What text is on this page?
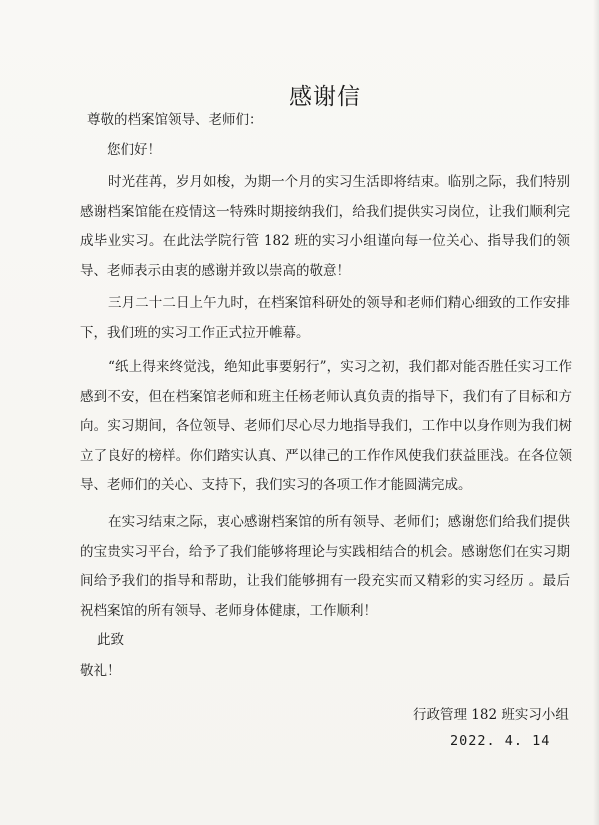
感谢信
尊敬的档案馆领导、老师们：
您们好！

时光荏苒，岁月如梭，为期一个月的实习生活即将结束。临别之际，我们特别感谢档案馆能在疫情这一特殊时期接纳我们，给我们提供实习岗位，让我们顺利完成毕业实习。在此法学院行管 182 班的实习小组谨向每一位关心、指导我们的领导、老师表示由衷的感谢并致以崇高的敬意！

三月二十二日上午九时，在档案馆科研处的领导和老师们精心细致的工作安排下，我们班的实习工作正式拉开帷幕。

“纸上得来终觉浅，绝知此事要躬行”，实习之初，我们都对能否胜任实习工作感到不安，但在档案馆老师和班主任杨老师认真负责的指导下，我们有了目标和方向。实习期间，各位领导、老师们尽心尽力地指导我们，工作中以身作则为我们树立了良好的榜样。你们踏实认真、严以律己的工作作风使我们获益匪浅。在各位领导、老师们的关心、支持下，我们实习的各项工作才能圆满完成。

在实习结束之际，衷心感谢档案馆的所有领导、老师们；感谢您们给我们提供的宝贵实习平台，给予了我们能够将理论与实践相结合的机会。感谢您们在实习期间给予我们的指导和帮助，让我们能够拥有一段充实而又精彩的实习经历 。最后祝档案馆的所有领导、老师身体健康，工作顺利！

此致
敬礼！
行政管理 182 班实习小组
2022. 4. 14
